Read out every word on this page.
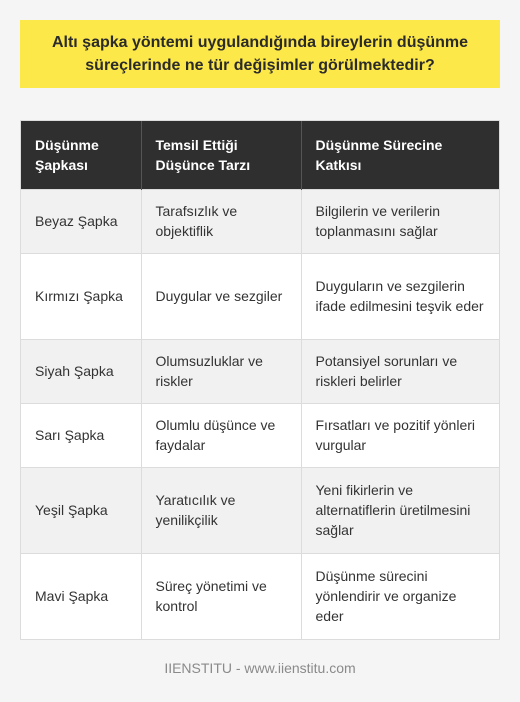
Altı şapka yöntemi uygulandığında bireylerin düşünme süreçlerinde ne tür değişimler görülmektedir?
Düşünme Şapkası	Temsil Ettiği Düşünce Tarzı	Düşünme Sürecine Katkısı
Beyaz Şapka	Tarafsızlık ve objektiflik	Bilgilerin ve verilerin toplanmasını sağlar
Kırmızı Şapka	Duygular ve sezgiler	Duyguların ve sezgilerin ifade edilmesini teşvik eder
Siyah Şapka	Olumsuzluklar ve riskler	Potansiyel sorunları ve riskleri belirler
Sarı Şapka	Olumlu düşünce ve faydalar	Fırsatları ve pozitif yönleri vurgular
Yeşil Şapka	Yaratıcılık ve yenilikçilik	Yeni fikirlerin ve alternatiflerin üretilmesini sağlar
Mavi Şapka	Süreç yönetimi ve kontrol	Düşünme sürecini yönlendirir ve organize eder
IIENSTITU - www.iienstitu.com
